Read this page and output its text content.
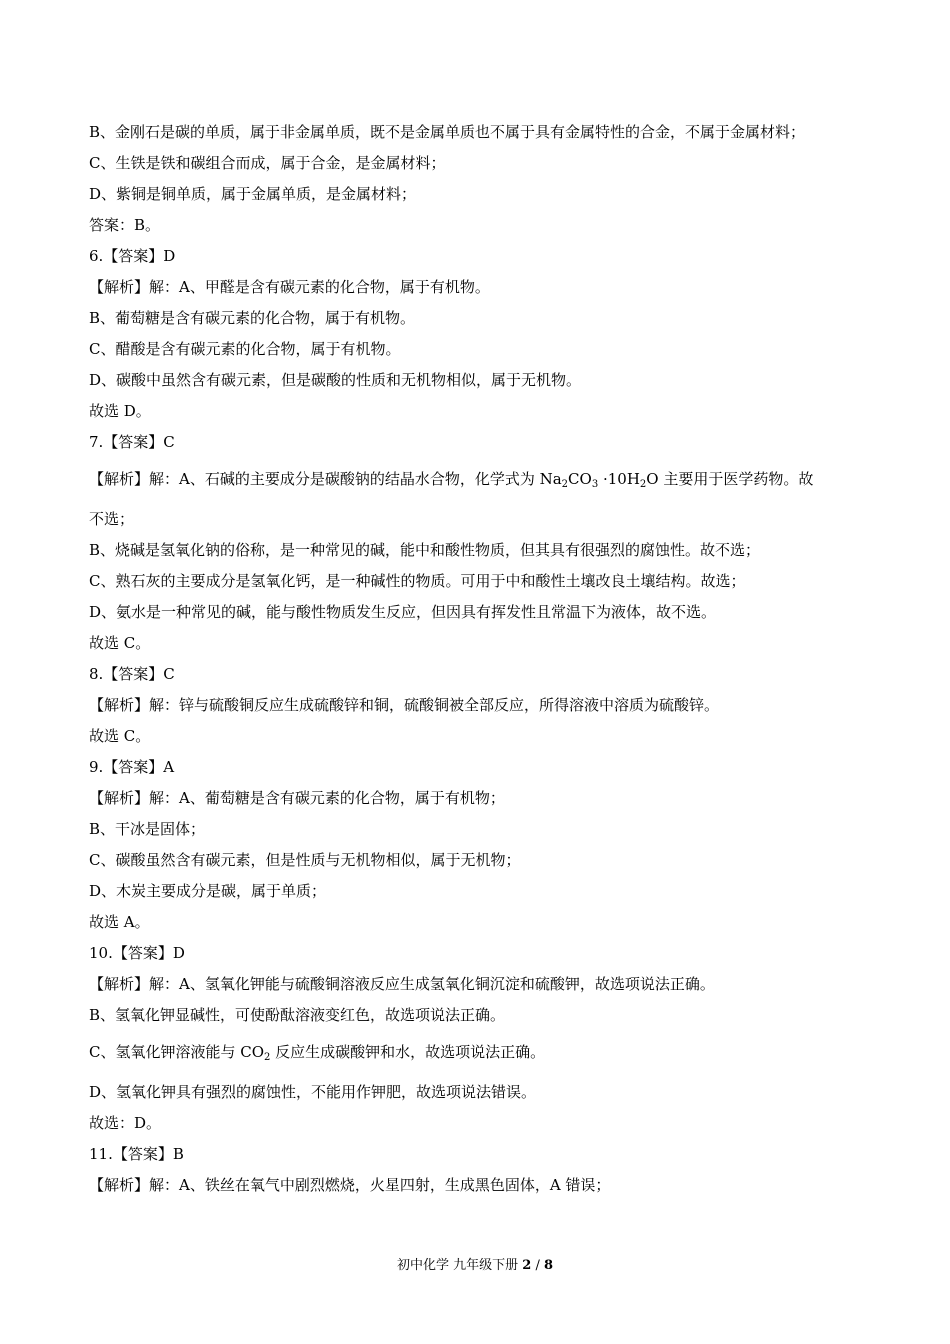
B、金刚石是碳的单质，属于非金属单质，既不是金属单质也不属于具有金属特性的合金，不属于金属材料；
C、生铁是铁和碳组合而成，属于合金，是金属材料；
D、紫铜是铜单质，属于金属单质，是金属材料；
答案：B。
6.【答案】D
【解析】解：A、甲醛是含有碳元素的化合物，属于有机物。
B、葡萄糖是含有碳元素的化合物，属于有机物。
C、醋酸是含有碳元素的化合物，属于有机物。
D、碳酸中虽然含有碳元素，但是碳酸的性质和无机物相似，属于无机物。
故选 D。
7.【答案】C
【解析】解：A、石碱的主要成分是碳酸钠的结晶水合物，化学式为 $Na_2CO_3 \cdot 10H_2O$ 主要用于医学药物。故
不选；
B、烧碱是氢氧化钠的俗称，是一种常见的碱，能中和酸性物质，但其具有很强烈的腐蚀性。故不选；
C、熟石灰的主要成分是氢氧化钙，是一种碱性的物质。可用于中和酸性土壤改良土壤结构。故选；
D、氨水是一种常见的碱，能与酸性物质发生反应，但因具有挥发性且常温下为液体，故不选。
故选 C。
8.【答案】C
【解析】解：锌与硫酸铜反应生成硫酸锌和铜，硫酸铜被全部反应，所得溶液中溶质为硫酸锌。
故选 C。
9.【答案】A
【解析】解：A、葡萄糖是含有碳元素的化合物，属于有机物；
B、干冰是固体；
C、碳酸虽然含有碳元素，但是性质与无机物相似，属于无机物；
D、木炭主要成分是碳，属于单质；
故选 A。
10.【答案】D
【解析】解：A、氢氧化钾能与硫酸铜溶液反应生成氢氧化铜沉淀和硫酸钾，故选项说法正确。
B、氢氧化钾显碱性，可使酚酞溶液变红色，故选项说法正确。
C、氢氧化钾溶液能与 $CO_2$ 反应生成碳酸钾和水，故选项说法正确。
D、氢氧化钾具有强烈的腐蚀性，不能用作钾肥，故选项说法错误。
故选：D。
11.【答案】B
【解析】解：A、铁丝在氧气中剧烈燃烧，火星四射，生成黑色固体，A 错误；
初中化学 九年级下册 2 / 8
